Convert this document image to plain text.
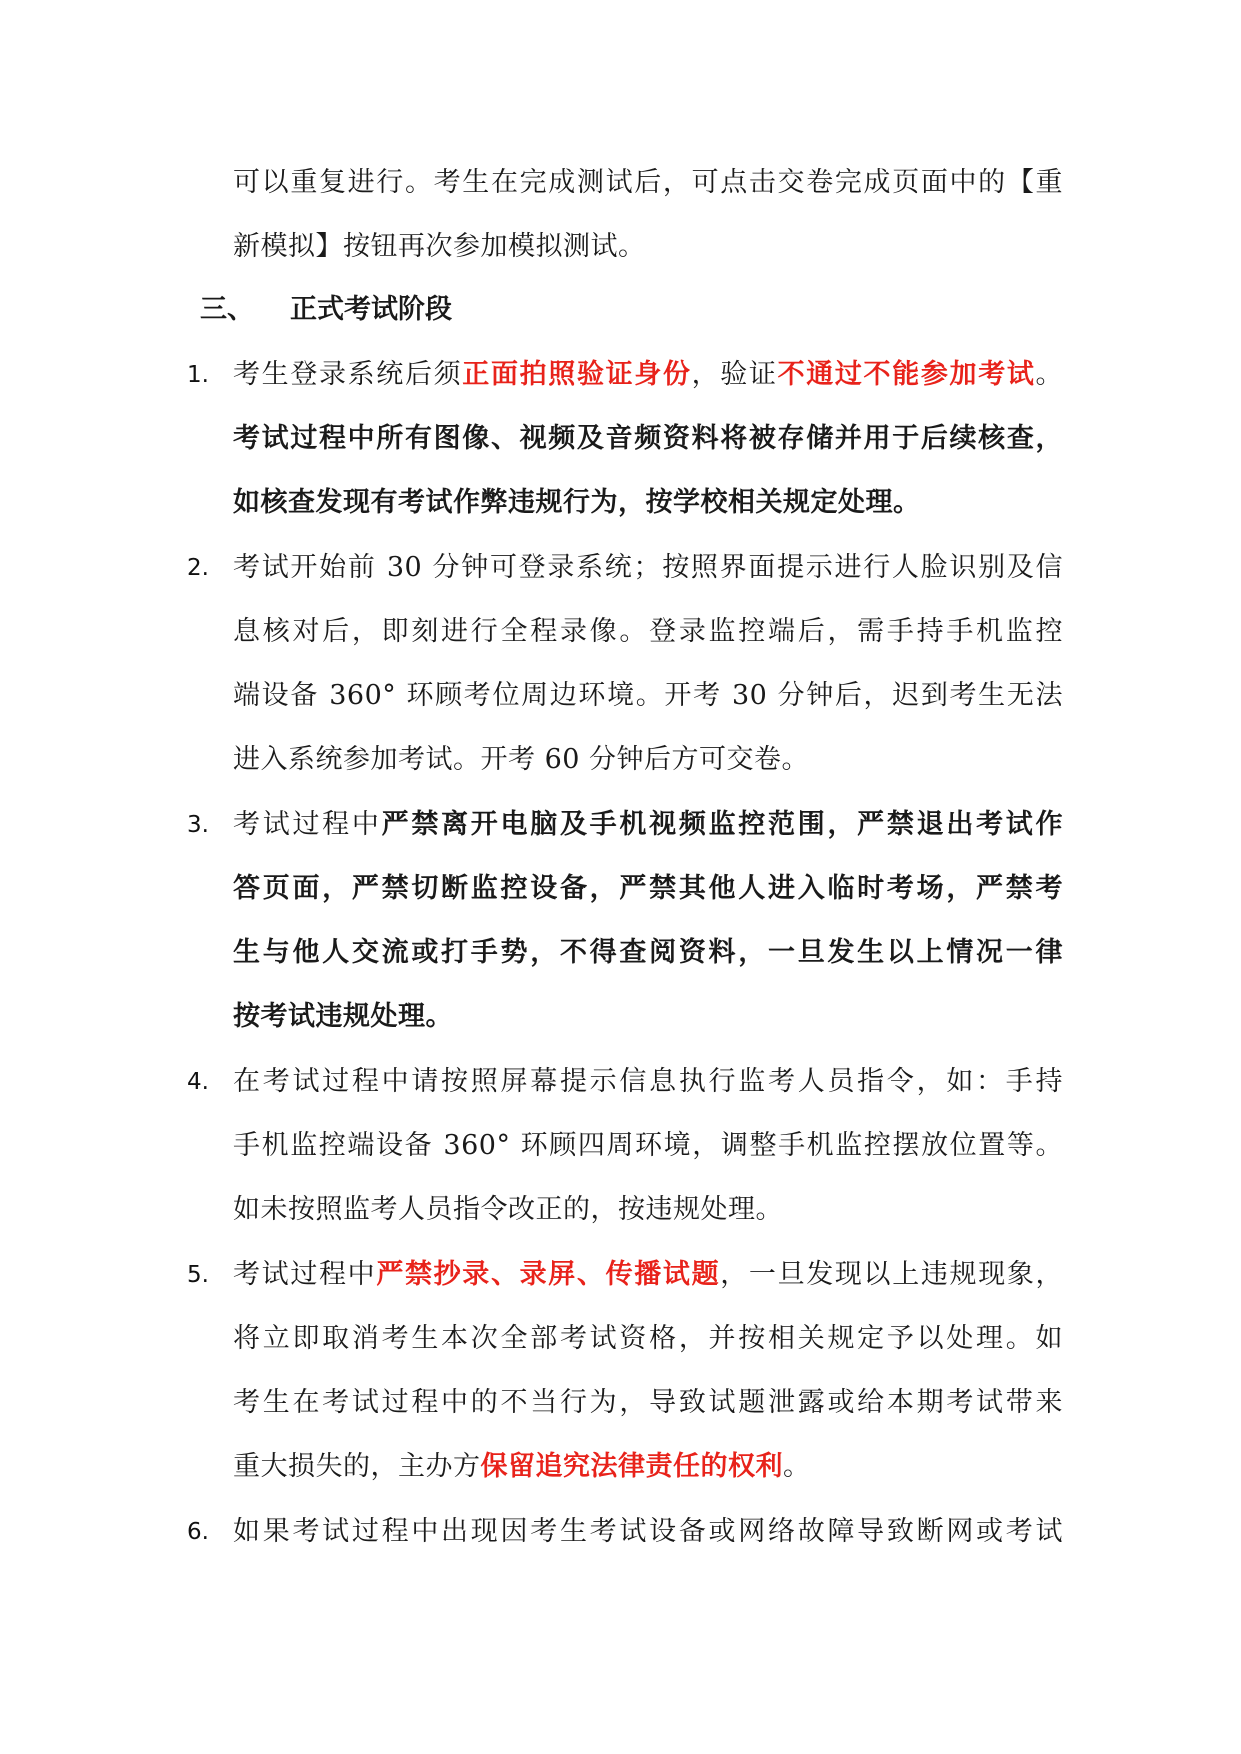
可以重复进行。考生在完成测试后，可点击交卷完成页面中的【重
新模拟】按钮再次参加模拟测试。
三、 正式考试阶段
1. 考生登录系统后须正面拍照验证身份，验证不通过不能参加考试。
考试过程中所有图像、视频及音频资料将被存储并用于后续核查，
如核查发现有考试作弊违规行为，按学校相关规定处理。
2. 考试开始前 30 分钟可登录系统；按照界面提示进行人脸识别及信
息核对后，即刻进行全程录像。登录监控端后，需手持手机监控
端设备 360° 环顾考位周边环境。开考 30 分钟后，迟到考生无法
进入系统参加考试。开考 60 分钟后方可交卷。
3. 考试过程中严禁离开电脑及手机视频监控范围，严禁退出考试作
答页面，严禁切断监控设备，严禁其他人进入临时考场，严禁考
生与他人交流或打手势，不得查阅资料，一旦发生以上情况一律
按考试违规处理。
4. 在考试过程中请按照屏幕提示信息执行监考人员指令，如：手持
手机监控端设备 360° 环顾四周环境，调整手机监控摆放位置等。
如未按照监考人员指令改正的，按违规处理。
5. 考试过程中严禁抄录、录屏、传播试题，一旦发现以上违规现象，
将立即取消考生本次全部考试资格，并按相关规定予以处理。如
考生在考试过程中的不当行为，导致试题泄露或给本期考试带来
重大损失的，主办方保留追究法律责任的权利。
6. 如果考试过程中出现因考生考试设备或网络故障导致断网或考试
